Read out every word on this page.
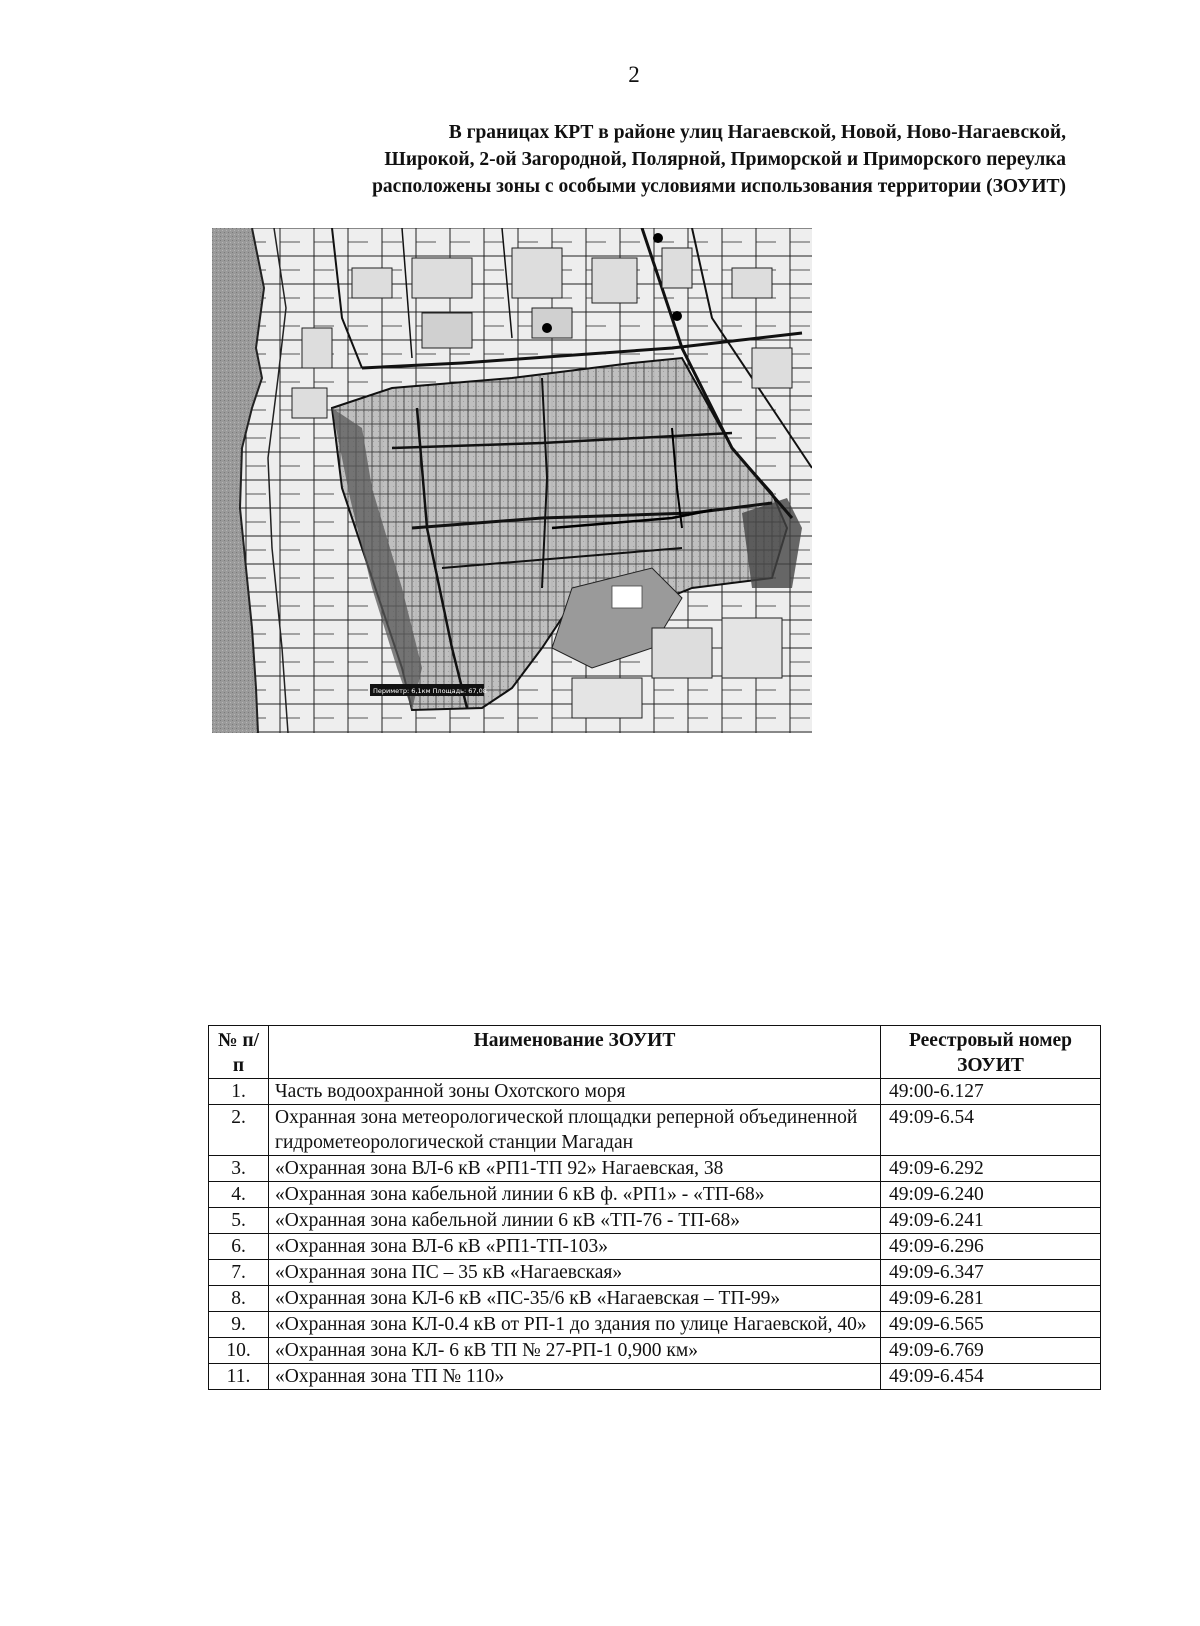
2
В границах КРТ в районе улиц Нагаевской, Новой, Ново-Нагаевской,
Широкой, 2-ой Загородной, Полярной, Приморской и Приморского переулка
расположены зоны с особыми условиями использования территории (ЗОУИТ)
Периметр: 6,1км Площадь: 67,08
№ п/п	Наименование ЗОУИТ	Реестровый номер ЗОУИТ
1.	Часть водоохранной зоны Охотского моря	49:00-6.127
2.	Охранная зона метеорологической площадки реперной объединенной гидрометеорологической станции Магадан	49:09-6.54
3.	«Охранная зона ВЛ-6 кВ «РП1-ТП 92» Нагаевская, 38	49:09-6.292
4.	«Охранная зона кабельной линии 6 кВ ф. «РП1» - «ТП-68»	49:09-6.240
5.	«Охранная зона кабельной линии 6 кВ «ТП-76 - ТП-68»	49:09-6.241
6.	«Охранная зона ВЛ-6 кВ «РП1-ТП-103»	49:09-6.296
7.	«Охранная зона ПС – 35 кВ «Нагаевская»	49:09-6.347
8.	«Охранная зона КЛ-6 кВ «ПС-35/6 кВ «Нагаевская – ТП-99»	49:09-6.281
9.	«Охранная зона КЛ-0.4 кВ от РП-1 до здания по улице Нагаевской, 40»	49:09-6.565
10.	«Охранная зона КЛ- 6 кВ ТП № 27-РП-1 0,900 км»	49:09-6.769
11.	«Охранная зона ТП № 110»	49:09-6.454
